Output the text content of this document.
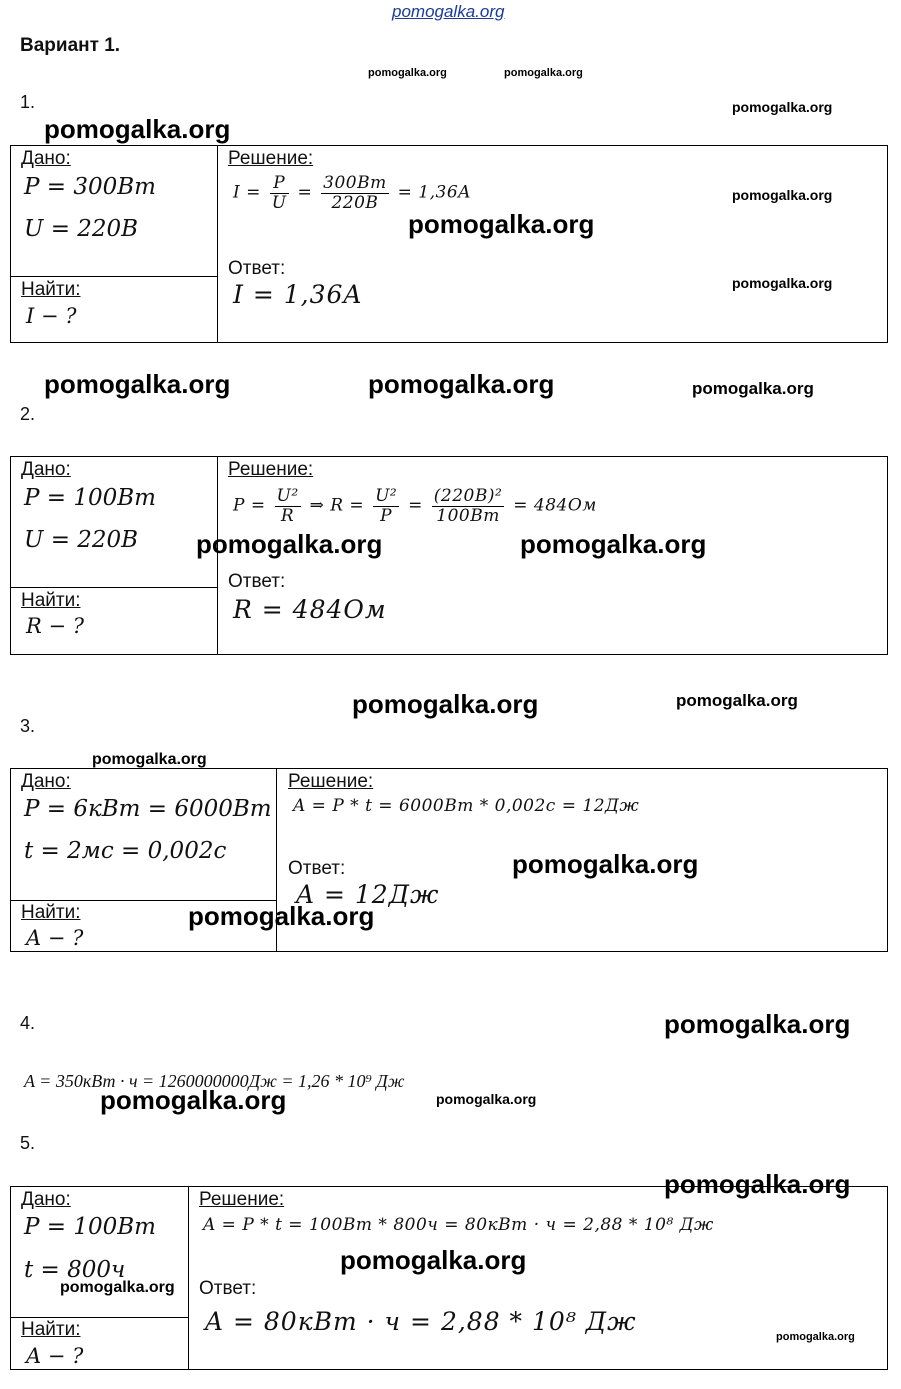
pomogalka.org
Вариант 1.
1.
Дано:
P = 300Вт
U = 220В
Найти:
I − ?
Решение:
$I = \frac{P}{U} = \frac{300Вт}{220В} = 1,36A$
Ответ:
I = 1,36A
2.
Дано:
P = 100Вт
U = 220В
Найти:
R − ?
Решение:
$P = \frac{\text{U²}}{R}$ ⇒ $R = \frac{\text{U²}}{P} = \frac{\text{(220В)²}}{100Вт} = 484Ом$
Ответ:
R = 484Ом
3.
Дано:
P = 6кВт = 6000Вт
t = 2мс = 0,002с
Найти:
A − ?
Решение:
A = P * t = 6000Вт * 0,002с = 12Дж
Ответ:
A = 12Дж
4.
A = 350кВт · ч = 1260000000Дж = 1,26 * 10⁹ Дж
5.
Дано:
P = 100Вт
t = 800ч
Найти:
A − ?
Решение:
A = P * t = 100Вт * 800ч = 80кВт · ч = 2,88 * 10⁸ Дж
Ответ:
A = 80кВт · ч = 2,88 * 10⁸ Дж
pomogalka.org	pomogalka.org
pomogalka.org
pomogalka.org
pomogalka.org
pomogalka.org
pomogalka.org
pomogalka.org	pomogalka.org	pomogalka.org
pomogalka.org	pomogalka.org
pomogalka.org	pomogalka.org
pomogalka.org
pomogalka.org
pomogalka.org
pomogalka.org
pomogalka.org	pomogalka.org
pomogalka.org
pomogalka.org
pomogalka.org
pomogalka.org
